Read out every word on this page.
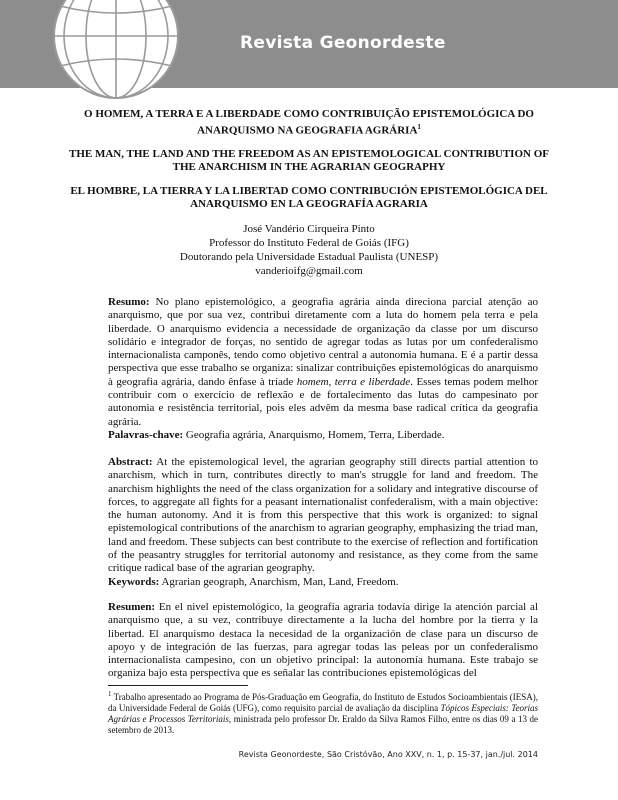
Revista Geonordeste
O HOMEM, A TERRA E A LIBERDADE COMO CONTRIBUIÇÃO EPISTEMOLÓGICA DO ANARQUISMO NA GEOGRAFIA AGRÁRIA$^1$
THE MAN, THE LAND AND THE FREEDOM AS AN EPISTEMOLOGICAL CONTRIBUTION OF THE ANARCHISM IN THE AGRARIAN GEOGRAPHY
EL HOMBRE, LA TIERRA Y LA LIBERTAD COMO CONTRIBUCIÓN EPISTEMOLÓGICA DEL ANARQUISMO EN LA GEOGRAFÍA AGRARIA
José Vandério Cirqueira Pinto
Professor do Instituto Federal de Goiás (IFG)
Doutorando pela Universidade Estadual Paulista (UNESP)
vanderioifg@gmail.com
Resumo: No plano epistemológico, a geografia agrária ainda direciona parcial atenção ao anarquismo, que por sua vez, contribui diretamente com a luta do homem pela terra e pela liberdade. O anarquismo evidencia a necessidade de organização da classe por um discurso solidário e integrador de forças, no sentido de agregar todas as lutas por um confederalismo internacionalista camponês, tendo como objetivo central a autonomia humana. E é a partir dessa perspectiva que esse trabalho se organiza: sinalizar contribuições epistemológicas do anarquismo à geografia agrária, dando ênfase à tríade homem, terra e liberdade. Esses temas podem melhor contribuir com o exercício de reflexão e de fortalecimento das lutas do campesinato por autonomia e resistência territorial, pois eles advêm da mesma base radical crítica da geografia agrária.
Palavras-chave: Geografia agrária, Anarquismo, Homem, Terra, Liberdade.
Abstract: At the epistemological level, the agrarian geography still directs partial attention to anarchism, which in turn, contributes directly to man's struggle for land and freedom. The anarchism highlights the need of the class organization for a solidary and integrative discourse of forces, to aggregate all fights for a peasant internationalist confederalism, with a main objective: the human autonomy. And it is from this perspective that this work is organized: to signal epistemological contributions of the anarchism to agrarian geography, emphasizing the triad man, land and freedom. These subjects can best contribute to the exercise of reflection and fortification of the peasantry struggles for territorial autonomy and resistance, as they come from the same critique radical base of the agrarian geography.
Keywords: Agrarian geograph, Anarchism, Man, Land, Freedom.
Resumen: En el nivel epistemológico, la geografía agraria todavía dirige la atención parcial al anarquismo que, a su vez, contribuye directamente a la lucha del hombre por la tierra y la libertad. El anarquismo destaca la necesidad de la organización de clase para un discurso de apoyo y de integración de las fuerzas, para agregar todas las peleas por un confederalismo internacionalista campesino, con un objetivo principal: la autonomía humana. Este trabajo se organiza bajo esta perspectiva que es señalar las contribuciones epistemológicas del
$^1$ Trabalho apresentado ao Programa de Pós-Graduação em Geografia, do Instituto de Estudos Socioambientais (IESA), da Universidade Federal de Goiás (UFG), como requisito parcial de avaliação da disciplina Tópicos Especiais: Teorias Agrárias e Processos Territoriais, ministrada pelo professor Dr. Eraldo da Silva Ramos Filho, entre os dias 09 a 13 de setembro de 2013.
Revista Geonordeste, São Cristóvão, Ano XXV, n. 1, p. 15-37, jan./jul. 2014
